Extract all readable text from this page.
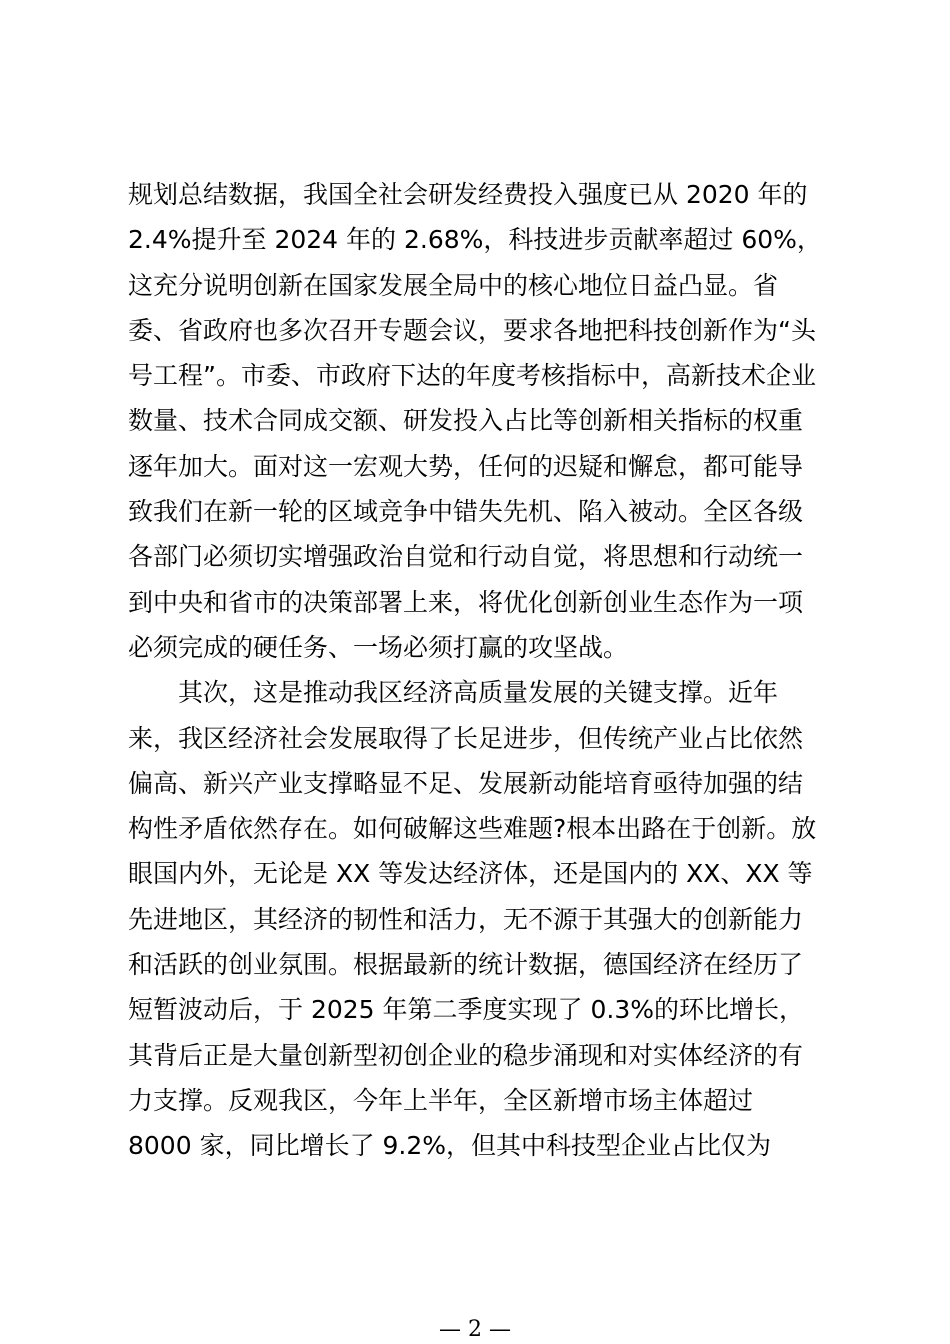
规划总结数据，我国全社会研发经费投入强度已从 2020 年的
2.4%提升至 2024 年的 2.68%，科技进步贡献率超过 60%，
这充分说明创新在国家发展全局中的核心地位日益凸显。省
委、省政府也多次召开专题会议，要求各地把科技创新作为“头
号工程”。市委、市政府下达的年度考核指标中，高新技术企业
数量、技术合同成交额、研发投入占比等创新相关指标的权重
逐年加大。面对这一宏观大势，任何的迟疑和懈怠，都可能导
致我们在新一轮的区域竞争中错失先机、陷入被动。全区各级
各部门必须切实增强政治自觉和行动自觉，将思想和行动统一
到中央和省市的决策部署上来，将优化创新创业生态作为一项
必须完成的硬任务、一场必须打赢的攻坚战。
　　其次，这是推动我区经济高质量发展的关键支撑。近年
来，我区经济社会发展取得了长足进步，但传统产业占比依然
偏高、新兴产业支撑略显不足、发展新动能培育亟待加强的结
构性矛盾依然存在。如何破解这些难题?根本出路在于创新。放
眼国内外，无论是 XX 等发达经济体，还是国内的 XX、XX 等
先进地区，其经济的韧性和活力，无不源于其强大的创新能力
和活跃的创业氛围。根据最新的统计数据，德国经济在经历了
短暂波动后，于 2025 年第二季度实现了 0.3%的环比增长，
其背后正是大量创新型初创企业的稳步涌现和对实体经济的有
力支撑。反观我区，今年上半年，全区新增市场主体超过
8000 家，同比增长了 9.2%，但其中科技型企业占比仅为
— 2 —
